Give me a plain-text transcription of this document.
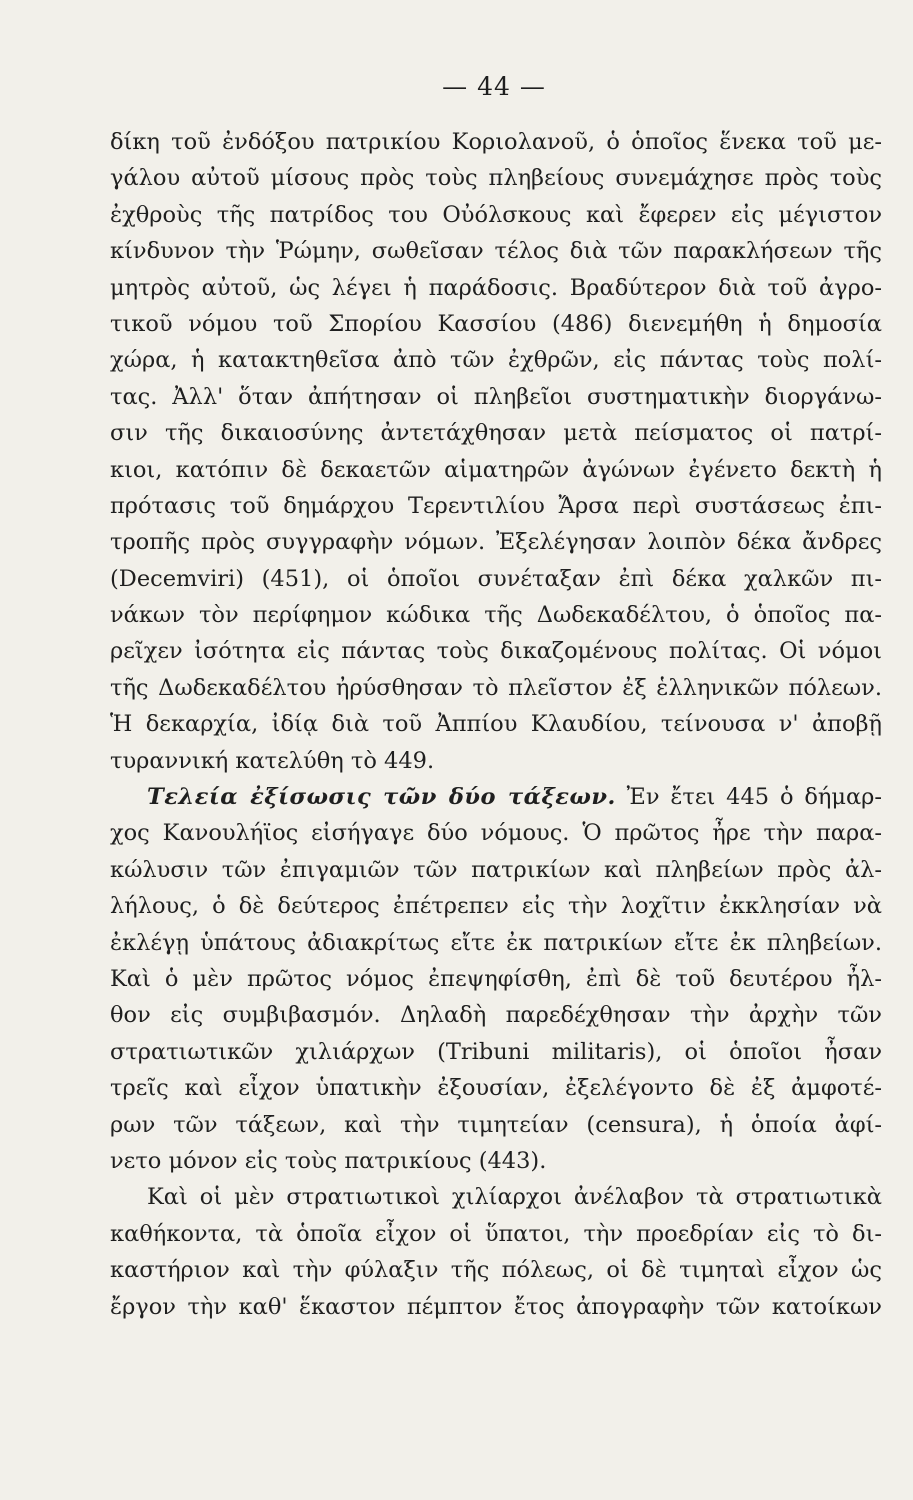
— 44 —
δίκη τοῦ ἐνδόξου πατρικίου Κοριολανοῦ, ὁ ὁποῖος ἕνεκα τοῦ με-
γάλου αὐτοῦ μίσους πρὸς τοὺς πληβείους συνεμάχησε πρὸς τοὺς
ἐχθροὺς τῆς πατρίδος του Οὐόλσκους καὶ ἔφερεν εἰς μέγιστον
κίνδυνον τὴν Ῥώμην, σωθεῖσαν τέλος διὰ τῶν παρακλήσεων τῆς
μητρὸς αὐτοῦ, ὡς λέγει ἡ παράδοσις. Βραδύτερον διὰ τοῦ ἀγρο-
τικοῦ νόμου τοῦ Σπορίου Κασσίου (486) διενεμήθη ἡ δημοσία
χώρα, ἡ κατακτηθεῖσα ἀπὸ τῶν ἐχθρῶν, εἰς πάντας τοὺς πολί-
τας. Ἀλλ' ὅταν ἀπήτησαν οἱ πληβεῖοι συστηματικὴν διοργάνω-
σιν τῆς δικαιοσύνης ἀντετάχθησαν μετὰ πείσματος οἱ πατρί-
κιοι, κατόπιν δὲ δεκαετῶν αἱματηρῶν ἀγώνων ἐγένετο δεκτὴ ἡ
πρότασις τοῦ δημάρχου Τερεντιλίου Ἄρσα περὶ συστάσεως ἐπι-
τροπῆς πρὸς συγγραφὴν νόμων. Ἐξελέγησαν λοιπὸν δέκα ἄνδρες
(Decemviri) (451), οἱ ὁποῖοι συνέταξαν ἐπὶ δέκα χαλκῶν πι-
νάκων τὸν περίφημον κώδικα τῆς Δωδεκαδέλτου, ὁ ὁποῖος πα-
ρεῖχεν ἰσότητα εἰς πάντας τοὺς δικαζομένους πολίτας. Οἱ νόμοι
τῆς Δωδεκαδέλτου ἠρύσθησαν τὸ πλεῖστον ἐξ ἑλληνικῶν πόλεων.
Ἡ δεκαρχία, ἰδίᾳ διὰ τοῦ Ἀππίου Κλαυδίου, τείνουσα ν' ἀποβῇ
τυραννική κατελύθη τὸ 449.
Τελεία ἐξίσωσις τῶν δύο τάξεων. Ἐν ἔτει 445 ὁ δήμαρ-
χος Κανουλήϊος εἰσήγαγε δύο νόμους. Ὁ πρῶτος ἦρε τὴν παρα-
κώλυσιν τῶν ἐπιγαμιῶν τῶν πατρικίων καὶ πληβείων πρὸς ἀλ-
λήλους, ὁ δὲ δεύτερος ἐπέτρεπεν εἰς τὴν λοχῖτιν ἐκκλησίαν νὰ
ἐκλέγῃ ὑπάτους ἀδιακρίτως εἴτε ἐκ πατρικίων εἴτε ἐκ πληβείων.
Καὶ ὁ μὲν πρῶτος νόμος ἐπεψηφίσθη, ἐπὶ δὲ τοῦ δευτέρου ἦλ-
θον εἰς συμβιβασμόν. Δηλαδὴ παρεδέχθησαν τὴν ἀρχὴν τῶν
στρατιωτικῶν χιλιάρχων (Tribuni militaris), οἱ ὁποῖοι ἦσαν
τρεῖς καὶ εἶχον ὑπατικὴν ἐξουσίαν, ἐξελέγοντο δὲ ἐξ ἀμφοτέ-
ρων τῶν τάξεων, καὶ τὴν τιμητείαν (censura), ἡ ὁποία ἀφί-
νετο μόνον εἰς τοὺς πατρικίους (443).
Καὶ οἱ μὲν στρατιωτικοὶ χιλίαρχοι ἀνέλαβον τὰ στρατιωτικὰ
καθήκοντα, τὰ ὁποῖα εἶχον οἱ ὕπατοι, τὴν προεδρίαν εἰς τὸ δι-
καστήριον καὶ τὴν φύλαξιν τῆς πόλεως, οἱ δὲ τιμηταὶ εἶχον ὡς
ἔργον τὴν καθ' ἕκαστον πέμπτον ἔτος ἀπογραφὴν τῶν κατοίκων
